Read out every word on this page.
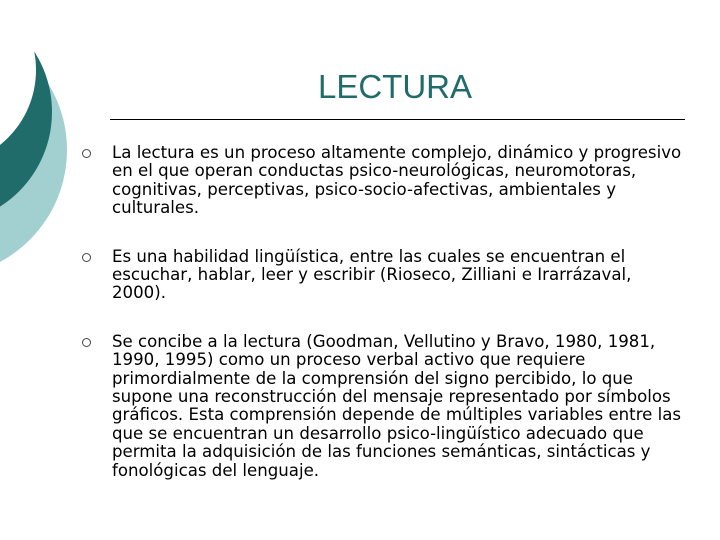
LECTURA
La lectura es un proceso altamente complejo, dinámico y progresivo en el que operan conductas psico-neurológicas, neuromotoras, cognitivas, perceptivas, psico-socio-afectivas, ambientales y culturales.
Es una habilidad lingüística, entre las cuales se encuentran el escuchar, hablar, leer y escribir (Rioseco, Zilliani e Irarrázaval, 2000).
Se concibe a la lectura (Goodman, Vellutino y Bravo, 1980, 1981, 1990, 1995) como un proceso verbal activo que requiere primordialmente de la comprensión del signo percibido, lo que supone una reconstrucción del mensaje representado por símbolos gráficos. Esta comprensión depende de múltiples variables entre las que se encuentran un desarrollo psico-lingüístico adecuado que permita la adquisición de las funciones semánticas, sintácticas y fonológicas del lenguaje.
